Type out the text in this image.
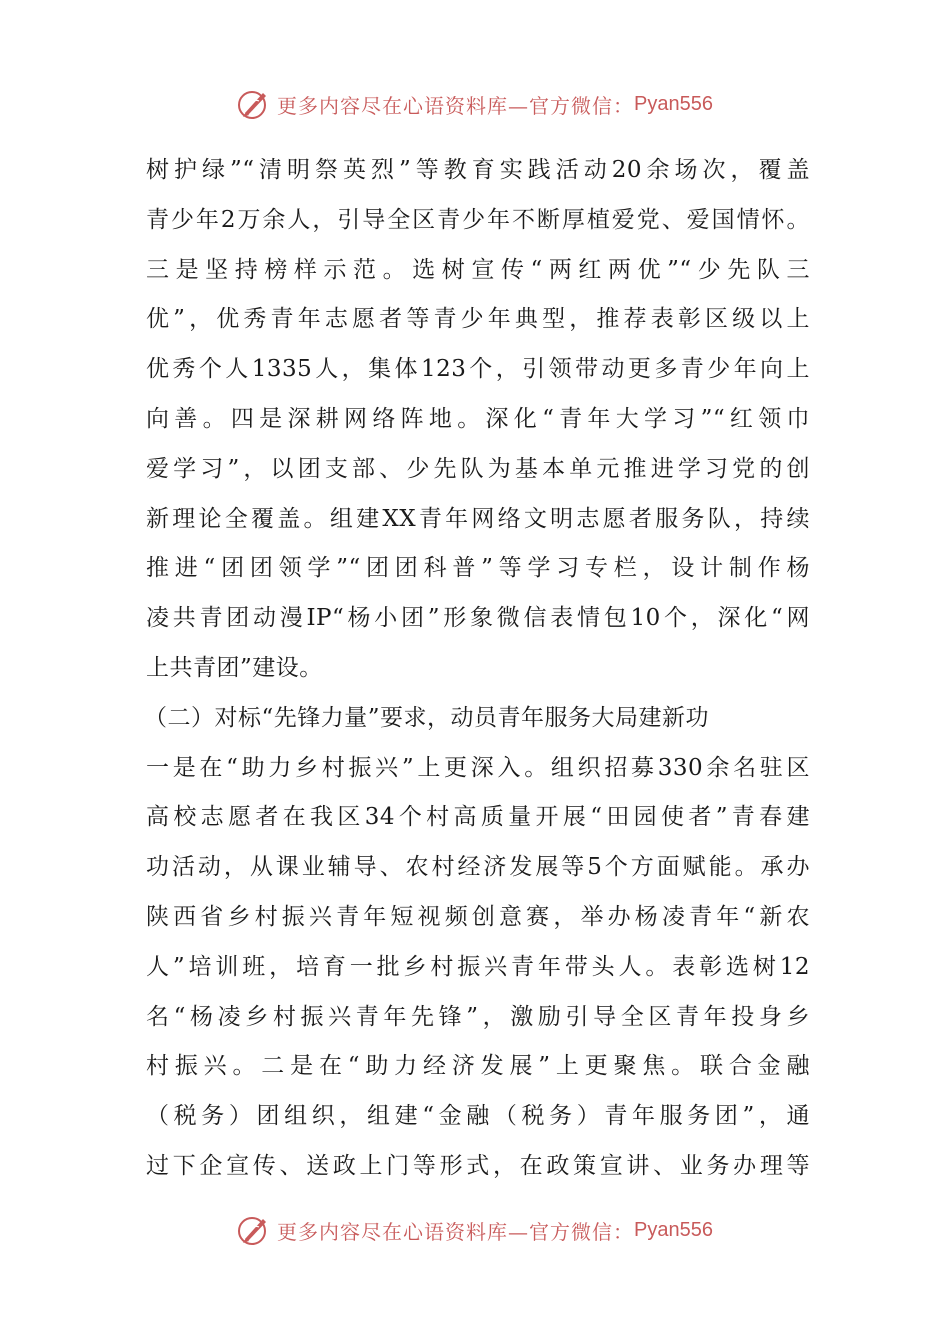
更多内容尽在心语资料库—官方微信： Pyan556
树护绿”“清明祭英烈”等教育实践活动20余场次，覆盖
青少年2万余人，引导全区青少年不断厚植爱党、爱国情怀。
三是坚持榜样示范。选树宣传“两红两优”“少先队三
优”，优秀青年志愿者等青少年典型，推荐表彰区级以上
优秀个人1335人，集体123个，引领带动更多青少年向上
向善。四是深耕网络阵地。深化“青年大学习”“红领巾
爱学习”，以团支部、少先队为基本单元推进学习党的创
新理论全覆盖。组建XX青年网络文明志愿者服务队，持续
推进“团团领学”“团团科普”等学习专栏，设计制作杨
凌共青团动漫IP“杨小团”形象微信表情包10个，深化“网
上共青团”建设。
（二）对标“先锋力量”要求，动员青年服务大局建新功
一是在“助力乡村振兴”上更深入。组织招募330余名驻区
高校志愿者在我区34个村高质量开展“田园使者”青春建
功活动，从课业辅导、农村经济发展等5个方面赋能。承办
陕西省乡村振兴青年短视频创意赛，举办杨凌青年“新农
人”培训班，培育一批乡村振兴青年带头人。表彰选树12
名“杨凌乡村振兴青年先锋”，激励引导全区青年投身乡
村振兴。二是在“助力经济发展”上更聚焦。联合金融
（税务）团组织，组建“金融（税务）青年服务团”，通
过下企宣传、送政上门等形式，在政策宣讲、业务办理等
更多内容尽在心语资料库—官方微信： Pyan556
